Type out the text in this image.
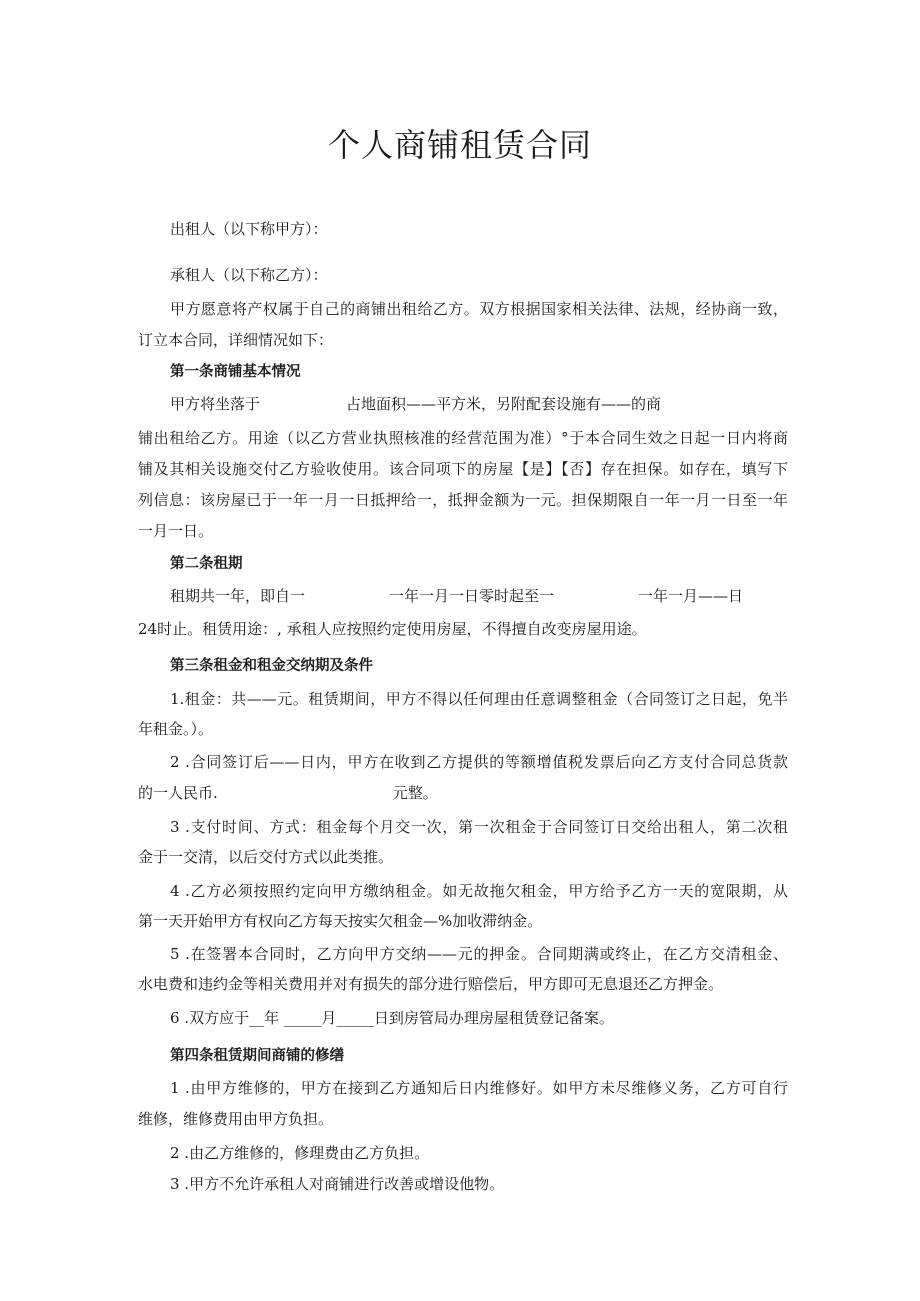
个人商铺租赁合同
出租人（以下称甲方）：
承租人（以下称乙方）：
甲方愿意将产权属于自己的商铺出租给乙方。双方根据国家相关法律、法规，经协商一致，
订立本合同，详细情况如下：
第一条商铺基本情况
甲方将坐落于	占地面积——平方米，另附配套设施有——的商
铺出租给乙方。用途（以乙方营业执照核准的经营范围为准）°于本合同生效之日起一日内将商
铺及其相关设施交付乙方验收使用。该合同项下的房屋【是】【否】存在担保。如存在，填写下
列信息：该房屋已于一年一月一日抵押给一，抵押金额为一元。担保期限自一年一月一日至一年
一月一日。
第二条租期
租期共一年，即自一	一年一月一日零时起至一	一年一月——日
24时止。租赁用途：, 承租人应按照约定使用房屋，不得擅自改变房屋用途。
第三条租金和租金交纳期及条件
1.租金：共——元。租赁期间，甲方不得以任何理由任意调整租金（合同签订之日起，免半
年租金。）。
2 .合同签订后——日内，甲方在收到乙方提供的等额增值税发票后向乙方支付合同总货款
的一人民币.	元整。
3 .支付时间、方式：租金每个月交一次，第一次租金于合同签订日交给出租人，第二次租
金于一交清，以后交付方式以此类推。
4 .乙方必须按照约定向甲方缴纳租金。如无故拖欠租金，甲方给予乙方一天的宽限期，从
第一天开始甲方有权向乙方每天按实欠租金—%加收滞纳金。
5 .在签署本合同时，乙方向甲方交纳——元的押金。合同期满或终止，在乙方交清租金、
水电费和违约金等相关费用并对有损失的部分进行赔偿后，甲方即可无息退还乙方押金。
6 .双方应于__年 _____月_____日到房管局办理房屋租赁登记备案。
第四条租赁期间商铺的修缮
1 .由甲方维修的，甲方在接到乙方通知后日内维修好。如甲方未尽维修义务，乙方可自行
维修，维修费用由甲方负担。
2 .由乙方维修的，修理费由乙方负担。
3 .甲方不允许承租人对商铺进行改善或增设他物。
